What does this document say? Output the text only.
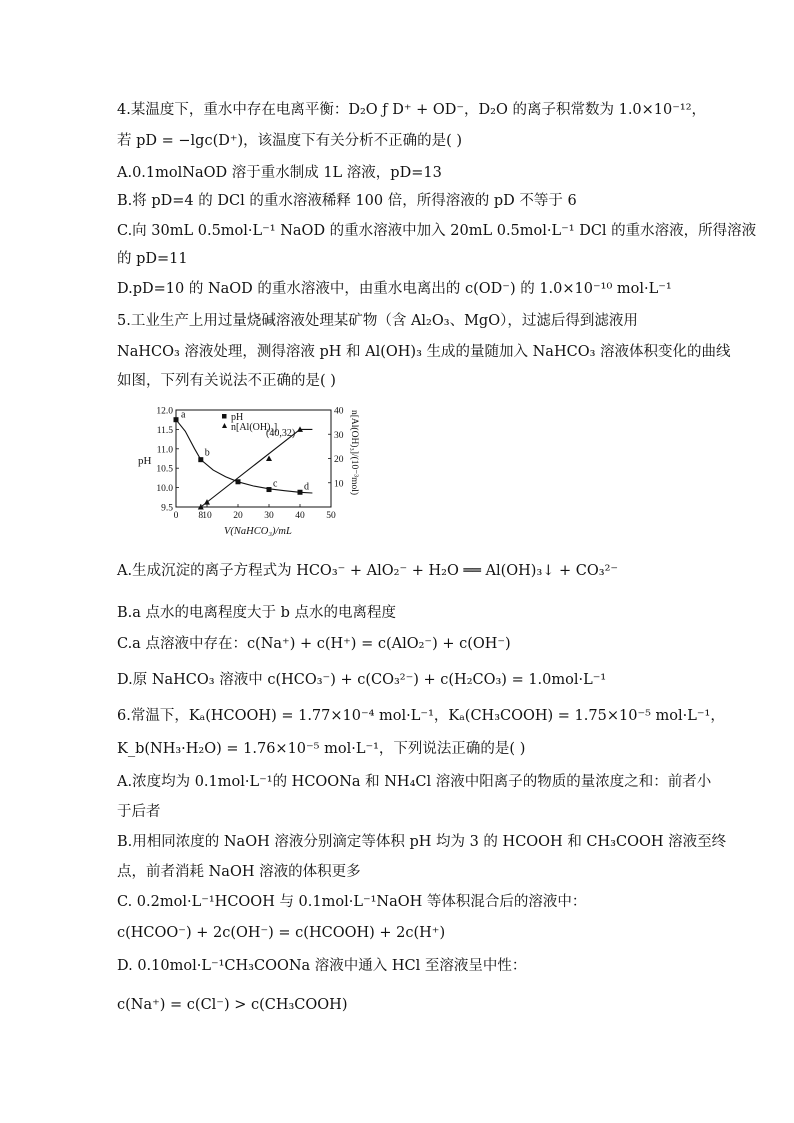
4.某温度下，重水中存在电离平衡：D₂O ƒ D⁺ + OD⁻，D₂O 的离子积常数为 1.0×10⁻¹²，
若 pD = −lgc(D⁺)，该温度下有关分析不正确的是( )
A.0.1molNaOD 溶于重水制成 1L 溶液，pD=13
B.将 pD=4 的 DCl 的重水溶液稀释 100 倍，所得溶液的 pD 不等于 6
C.向 30mL 0.5mol·L⁻¹ NaOD 的重水溶液中加入 20mL 0.5mol·L⁻¹ DCl 的重水溶液，所得溶液
的 pD=11
D.pD=10 的 NaOD 的重水溶液中，由重水电离出的 c(OD⁻) 的 1.0×10⁻¹⁰ mol·L⁻¹
5.工业生产上用过量烧碱溶液处理某矿物（含 Al₂O₃、MgO），过滤后得到滤液用
NaHCO₃ 溶液处理，测得溶液 pH 和 Al(OH)₃ 生成的量随加入 NaHCO₃ 溶液体积变化的曲线
如图，下列有关说法不正确的是( )
0 8 10 20 30 40 50
9.5
10.0
10.5
11.0
11.5
12.0
10
20
30
40
a
b
c	d
pH
V(NaHCO₃)/mL
n[Al(OH)₃]/(10⁻³mol)
pH
n[Al(OH)₃]
(40,32)
A.生成沉淀的离子方程式为 HCO₃⁻ + AlO₂⁻ + H₂O ══ Al(OH)₃↓ + CO₃²⁻
B.a 点水的电离程度大于 b 点水的电离程度
C.a 点溶液中存在：c(Na⁺) + c(H⁺) = c(AlO₂⁻) + c(OH⁻)
D.原 NaHCO₃ 溶液中 c(HCO₃⁻) + c(CO₃²⁻) + c(H₂CO₃) = 1.0mol·L⁻¹
6.常温下，Kₐ(HCOOH) = 1.77×10⁻⁴ mol·L⁻¹，Kₐ(CH₃COOH) = 1.75×10⁻⁵ mol·L⁻¹，
K_b(NH₃·H₂O) = 1.76×10⁻⁵ mol·L⁻¹，下列说法正确的是( )
A.浓度均为 0.1mol·L⁻¹的 HCOONa 和 NH₄Cl 溶液中阳离子的物质的量浓度之和：前者小
于后者
B.用相同浓度的 NaOH 溶液分别滴定等体积 pH 均为 3 的 HCOOH 和 CH₃COOH 溶液至终
点，前者消耗 NaOH 溶液的体积更多
C. 0.2mol·L⁻¹HCOOH 与 0.1mol·L⁻¹NaOH 等体积混合后的溶液中：
c(HCOO⁻) + 2c(OH⁻) = c(HCOOH) + 2c(H⁺)
D. 0.10mol·L⁻¹CH₃COONa 溶液中通入 HCl 至溶液呈中性：
c(Na⁺) = c(Cl⁻) > c(CH₃COOH)
